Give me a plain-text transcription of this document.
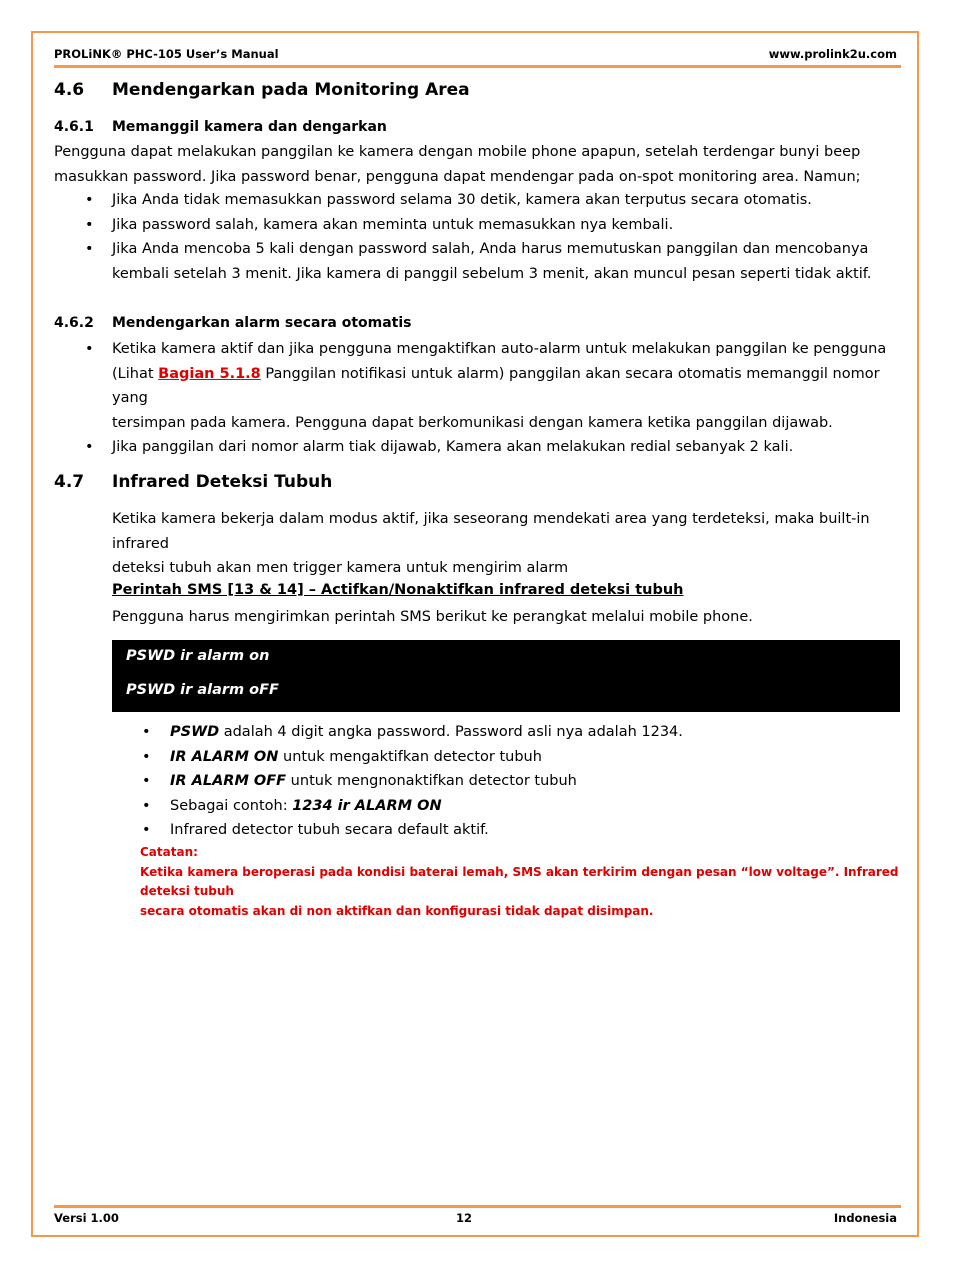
PROLiNK® PHC-105 User’s Manual	www.prolink2u.com
4.6 Mendengarkan pada Monitoring Area
4.6.1 Memanggil kamera dan dengarkan

Pengguna dapat melakukan panggilan ke kamera dengan mobile phone apapun, setelah terdengar bunyi beep

masukkan password. Jika password benar, pengguna dapat mendengar pada on-spot monitoring area. Namun;

• Jika Anda tidak memasukkan password selama 30 detik, kamera akan terputus secara otomatis.
• Jika password salah, kamera akan meminta untuk memasukkan nya kembali.
• Jika Anda mencoba 5 kali dengan password salah, Anda harus memutuskan panggilan dan mencobanya
kembali setelah 3 menit. Jika kamera di panggil sebelum 3 menit, akan muncul pesan seperti tidak aktif.
4.6.2 Mendengarkan alarm secara otomatis
• Ketika kamera aktif dan jika pengguna mengaktifkan auto-alarm untuk melakukan panggilan ke pengguna
(Lihat Bagian 5.1.8 Panggilan notifikasi untuk alarm) panggilan akan secara otomatis memanggil nomor yang
tersimpan pada kamera. Pengguna dapat berkomunikasi dengan kamera ketika panggilan dijawab.
• Jika panggilan dari nomor alarm tiak dijawab, Kamera akan melakukan redial sebanyak 2 kali.
4.7 Infrared Deteksi Tubuh

Ketika kamera bekerja dalam modus aktif, jika seseorang mendekati area yang terdeteksi, maka built-in infrared

deteksi tubuh akan men trigger kamera untuk mengirim alarm

Perintah SMS [13 & 14] – Actifkan/Nonaktifkan infrared deteksi tubuh

Pengguna harus mengirimkan perintah SMS berikut ke perangkat melalui mobile phone.

PSWD ir alarm on
PSWD ir alarm oFF
• PSWD adalah 4 digit angka password. Password asli nya adalah 1234.
• IR ALARM ON untuk mengaktifkan detector tubuh
• IR ALARM OFF untuk mengnonaktifkan detector tubuh
• Sebagai contoh: 1234 ir ALARM ON
• Infrared detector tubuh secara default aktif.
Catatan:
Ketika kamera beroperasi pada kondisi baterai lemah, SMS akan terkirim dengan pesan “low voltage”. Infrared deteksi tubuh
secara otomatis akan di non aktifkan dan konfigurasi tidak dapat disimpan.
Versi 1.00	12	Indonesia
